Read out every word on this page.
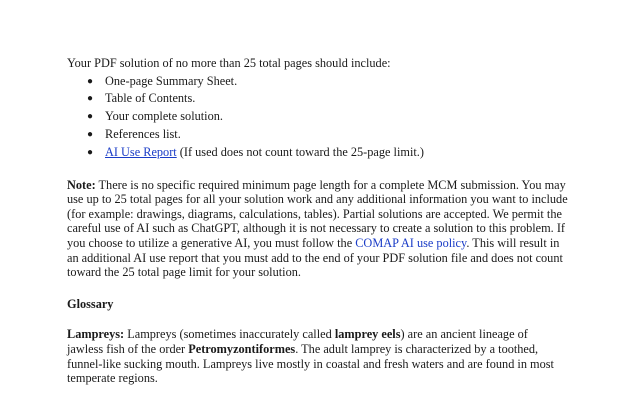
Your PDF solution of no more than 25 total pages should include:

● One-page Summary Sheet.
● Table of Contents.
● Your complete solution.
● References list.
● AI Use Report (If used does not count toward the 25-page limit.)

Note: There is no specific required minimum page length for a complete MCM submission. You may use up to 25 total pages for all your solution work and any additional information you want to include (for example: drawings, diagrams, calculations, tables). Partial solutions are accepted. We permit the careful use of AI such as ChatGPT, although it is not necessary to create a solution to this problem. If you choose to utilize a generative AI, you must follow the COMAP AI use policy. This will result in an additional AI use report that you must add to the end of your PDF solution file and does not count toward the 25 total page limit for your solution.

Glossary

Lampreys: Lampreys (sometimes inaccurately called lamprey eels) are an ancient lineage of jawless fish of the order Petromyzontiformes. The adult lamprey is characterized by a toothed, funnel-like sucking mouth. Lampreys live mostly in coastal and fresh waters and are found in most temperate regions.
